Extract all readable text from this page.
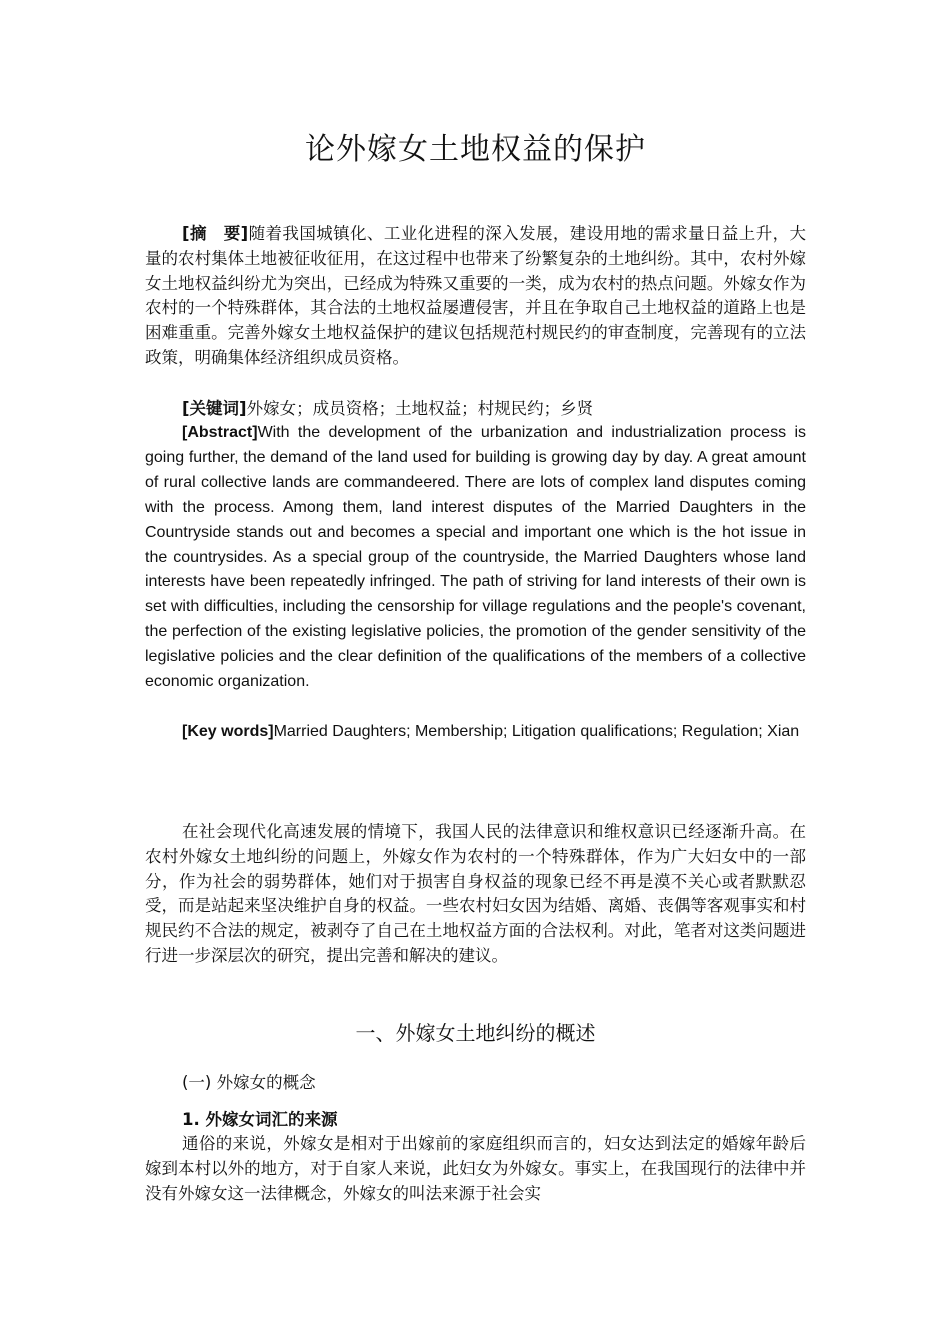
论外嫁女土地权益的保护

[摘　要]随着我国城镇化、工业化进程的深入发展，建设用地的需求量日益上升，大量的农村集体土地被征收征用，在这过程中也带来了纷繁复杂的土地纠纷。其中，农村外嫁女土地权益纠纷尤为突出，已经成为特殊又重要的一类，成为农村的热点问题。外嫁女作为农村的一个特殊群体，其合法的土地权益屡遭侵害，并且在争取自己土地权益的道路上也是困难重重。完善外嫁女土地权益保护的建议包括规范村规民约的审查制度，完善现有的立法政策，明确集体经济组织成员资格。

[关键词]外嫁女；成员资格；土地权益；村规民约；乡贤

[Abstract]With the development of the urbanization and industrialization process is going further, the demand of the land used for building is growing day by day. A great amount of rural collective lands are commandeered. There are lots of complex land disputes coming with the process. Among them, land interest disputes of the Married Daughters in the Countryside stands out and becomes a special and important one which is the hot issue in the countrysides. As a special group of the countryside, the Married Daughters whose land interests have been repeatedly infringed. The path of striving for land interests of their own is set with difficulties, including the censorship for village regulations and the people's covenant, the perfection of the existing legislative policies, the promotion of the gender sensitivity of the legislative policies and the clear definition of the qualifications of the members of a collective economic organization.

[Key words]Married Daughters; Membership; Litigation qualifications; Regulation; Xian

在社会现代化高速发展的情境下，我国人民的法律意识和维权意识已经逐渐升高。在农村外嫁女土地纠纷的问题上，外嫁女作为农村的一个特殊群体，作为广大妇女中的一部分，作为社会的弱势群体，她们对于损害自身权益的现象已经不再是漠不关心或者默默忍受，而是站起来坚决维护自身的权益。一些农村妇女因为结婚、离婚、丧偶等客观事实和村规民约不合法的规定，被剥夺了自己在土地权益方面的合法权利。对此，笔者对这类问题进行进一步深层次的研究，提出完善和解决的建议。

一、外嫁女土地纠纷的概述
(一) 外嫁女的概念
1. 外嫁女词汇的来源

通俗的来说，外嫁女是相对于出嫁前的家庭组织而言的，妇女达到法定的婚嫁年龄后嫁到本村以外的地方，对于自家人来说，此妇女为外嫁女。事实上，在我国现行的法律中并没有外嫁女这一法律概念，外嫁女的叫法来源于社会实
